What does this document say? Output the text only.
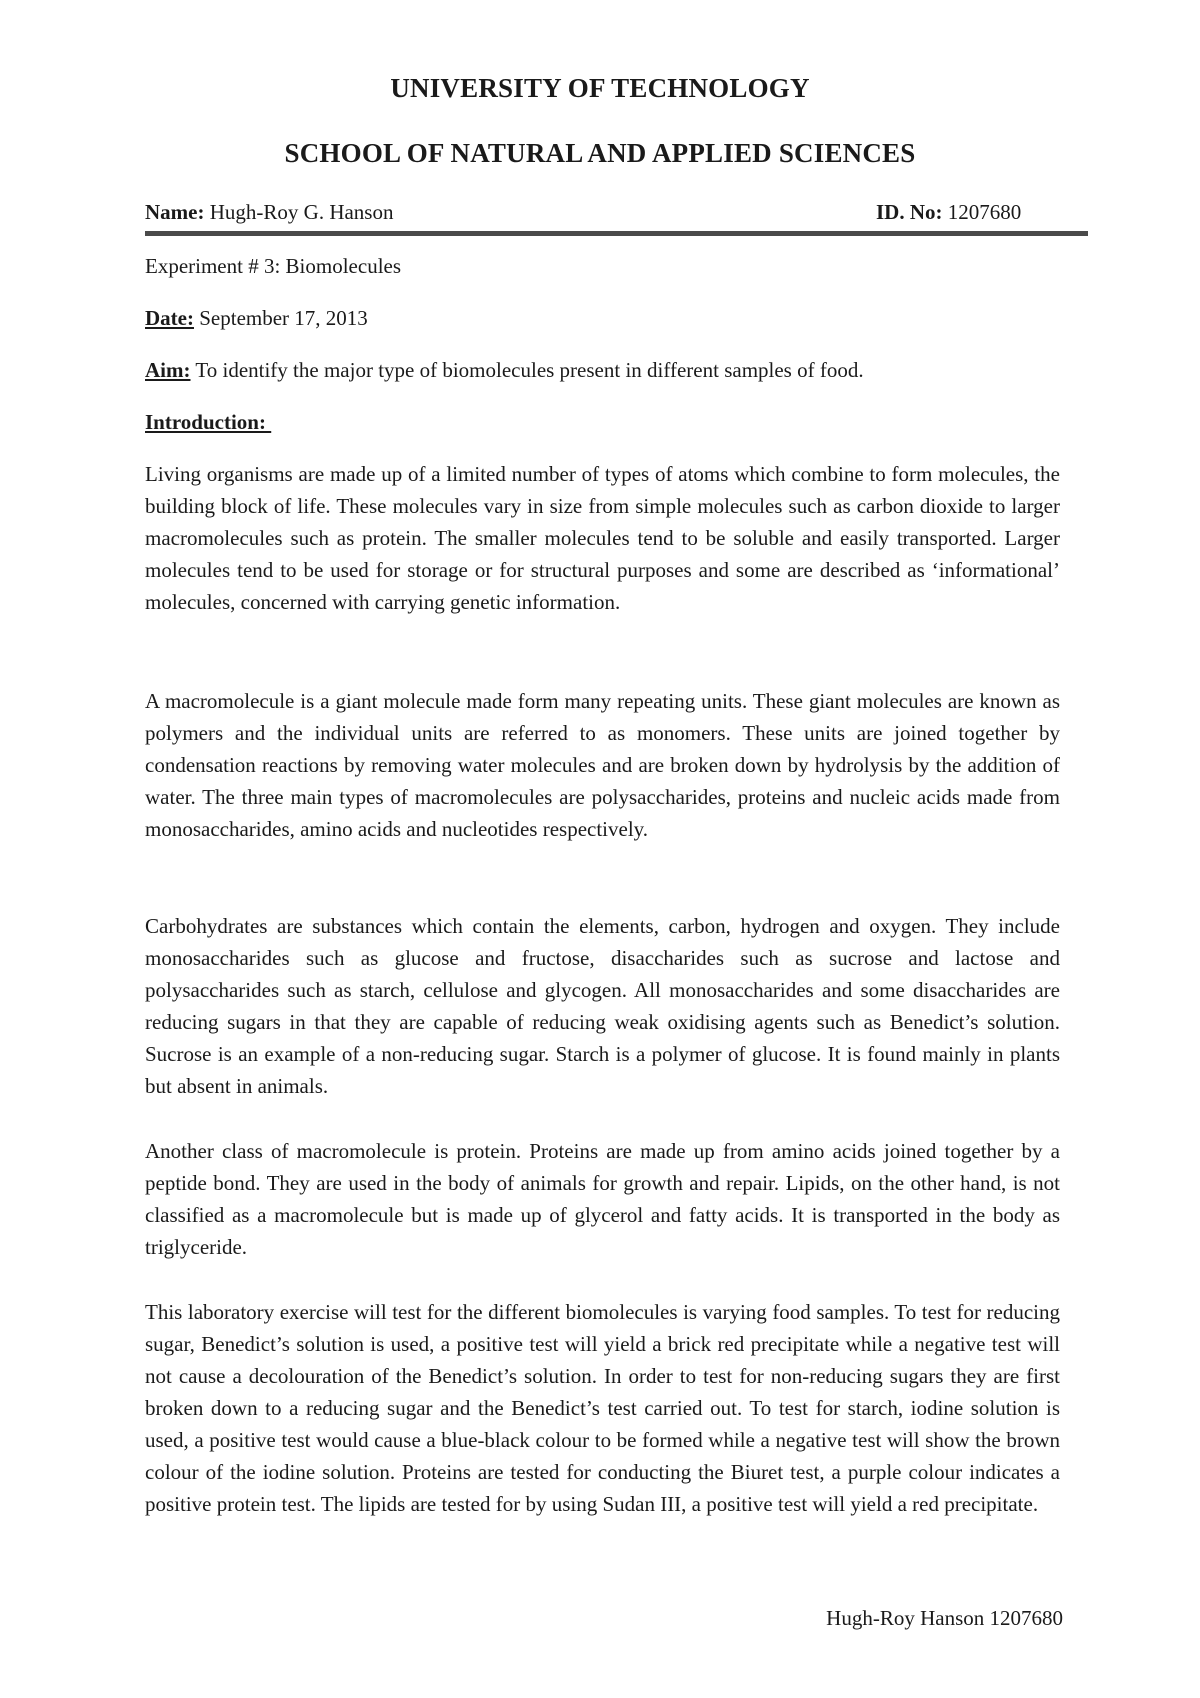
UNIVERSITY OF TECHNOLOGY
SCHOOL OF NATURAL AND APPLIED SCIENCES
Name: Hugh-Roy G. Hanson	ID. No: 1207680
Experiment # 3: Biomolecules
Date: September 17, 2013
Aim: To identify the major type of biomolecules present in different samples of food.
Introduction:

Living organisms are made up of a limited number of types of atoms which combine to form molecules, the building block of life. These molecules vary in size from simple molecules such as carbon dioxide to larger macromolecules such as protein. The smaller molecules tend to be soluble and easily transported. Larger molecules tend to be used for storage or for structural purposes and some are described as ‘informational’ molecules, concerned with carrying genetic information.

A macromolecule is a giant molecule made form many repeating units. These giant molecules are known as polymers and the individual units are referred to as monomers. These units are joined together by condensation reactions by removing water molecules and are broken down by hydrolysis by the addition of water. The three main types of macromolecules are polysaccharides, proteins and nucleic acids made from monosaccharides, amino acids and nucleotides respectively.

Carbohydrates are substances which contain the elements, carbon, hydrogen and oxygen. They include monosaccharides such as glucose and fructose, disaccharides such as sucrose and lactose and polysaccharides such as starch, cellulose and glycogen. All monosaccharides and some disaccharides are reducing sugars in that they are capable of reducing weak oxidising agents such as Benedict’s solution. Sucrose is an example of a non-reducing sugar. Starch is a polymer of glucose. It is found mainly in plants but absent in animals.

Another class of macromolecule is protein. Proteins are made up from amino acids joined together by a peptide bond. They are used in the body of animals for growth and repair. Lipids, on the other hand, is not classified as a macromolecule but is made up of glycerol and fatty acids. It is transported in the body as triglyceride.

This laboratory exercise will test for the different biomolecules is varying food samples. To test for reducing sugar, Benedict’s solution is used, a positive test will yield a brick red precipitate while a negative test will not cause a decolouration of the Benedict’s solution. In order to test for non-reducing sugars they are first broken down to a reducing sugar and the Benedict’s test carried out. To test for starch, iodine solution is used, a positive test would cause a blue-black colour to be formed while a negative test will show the brown colour of the iodine solution. Proteins are tested for conducting the Biuret test, a purple colour indicates a positive protein test. The lipids are tested for by using Sudan III, a positive test will yield a red precipitate.

Hugh-Roy Hanson 1207680
